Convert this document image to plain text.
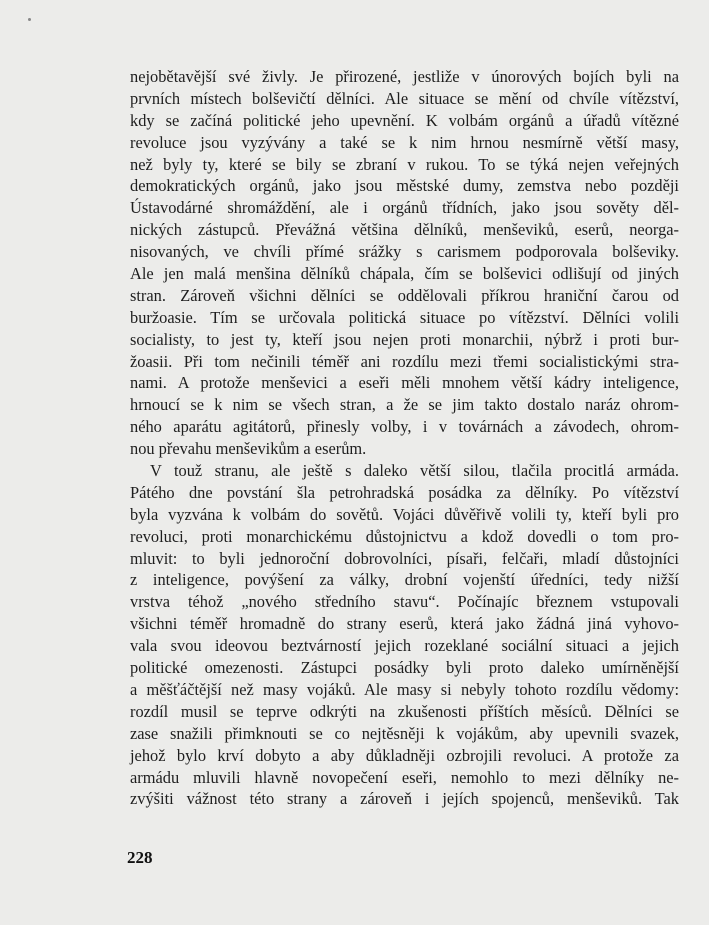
nejobětavější své živly. Je přirozené, jestliže v únorových bojích byli na
prvních místech bolševičtí dělníci. Ale situace se mění od chvíle vítězství,
kdy se začíná politické jeho upevnění. K volbám orgánů a úřadů vítězné
revoluce jsou vyzývány a také se k nim hrnou nesmírně větší masy,
než byly ty, které se bily se zbraní v rukou. To se týká nejen veřejných
demokratických orgánů, jako jsou městské dumy, zemstva nebo později
Ústavodárné shromáždění, ale i orgánů třídních, jako jsou sověty děl-
nických zástupců. Převážná většina dělníků, menševiků, eserů, neorga-
nisovaných, ve chvíli přímé srážky s carismem podporovala bolševiky.
Ale jen malá menšina dělníků chápala, čím se bolševici odlišují od jiných
stran. Zároveň všichni dělníci se oddělovali příkrou hraniční čarou od
buržoasie. Tím se určovala politická situace po vítězství. Dělníci volili
socialisty, to jest ty, kteří jsou nejen proti monarchii, nýbrž i proti bur-
žoasii. Při tom nečinili téměř ani rozdílu mezi třemi socialistickými stra-
nami. A protože menševici a eseři měli mnohem větší kádry inteligence,
hrnoucí se k nim se všech stran, a že se jim takto dostalo naráz ohrom-
ného aparátu agitátorů, přinesly volby, i v továrnách a závodech, ohrom-
nou převahu menševikům a eserům.
V touž stranu, ale ještě s daleko větší silou, tlačila procitlá armáda.
Pátého dne povstání šla petrohradská posádka za dělníky. Po vítězství
byla vyzvána k volbám do sovětů. Vojáci důvěřivě volili ty, kteří byli pro
revoluci, proti monarchickému důstojnictvu a kdož dovedli o tom pro-
mluvit: to byli jednoroční dobrovolníci, písaři, felčaři, mladí důstojníci
z inteligence, povýšení za války, drobní vojenští úředníci, tedy nižší
vrstva téhož „nového středního stavu“. Počínajíc březnem vstupovali
všichni téměř hromadně do strany eserů, která jako žádná jiná vyhovo-
vala svou ideovou beztvárností jejich rozeklané sociální situaci a jejich
politické omezenosti. Zástupci posádky byli proto daleko umírněnější
a měšťáčtější než masy vojáků. Ale masy si nebyly tohoto rozdílu vědomy:
rozdíl musil se teprve odkrýti na zkušenosti příštích měsíců. Dělníci se
zase snažili přimknouti se co nejtěsněji k vojákům, aby upevnili svazek,
jehož bylo krví dobyto a aby důkladněji ozbrojili revoluci. A protože za
armádu mluvili hlavně novopečení eseři, nemohlo to mezi dělníky ne-
zvýšiti vážnost této strany a zároveň i jejích spojenců, menševiků. Tak
228
